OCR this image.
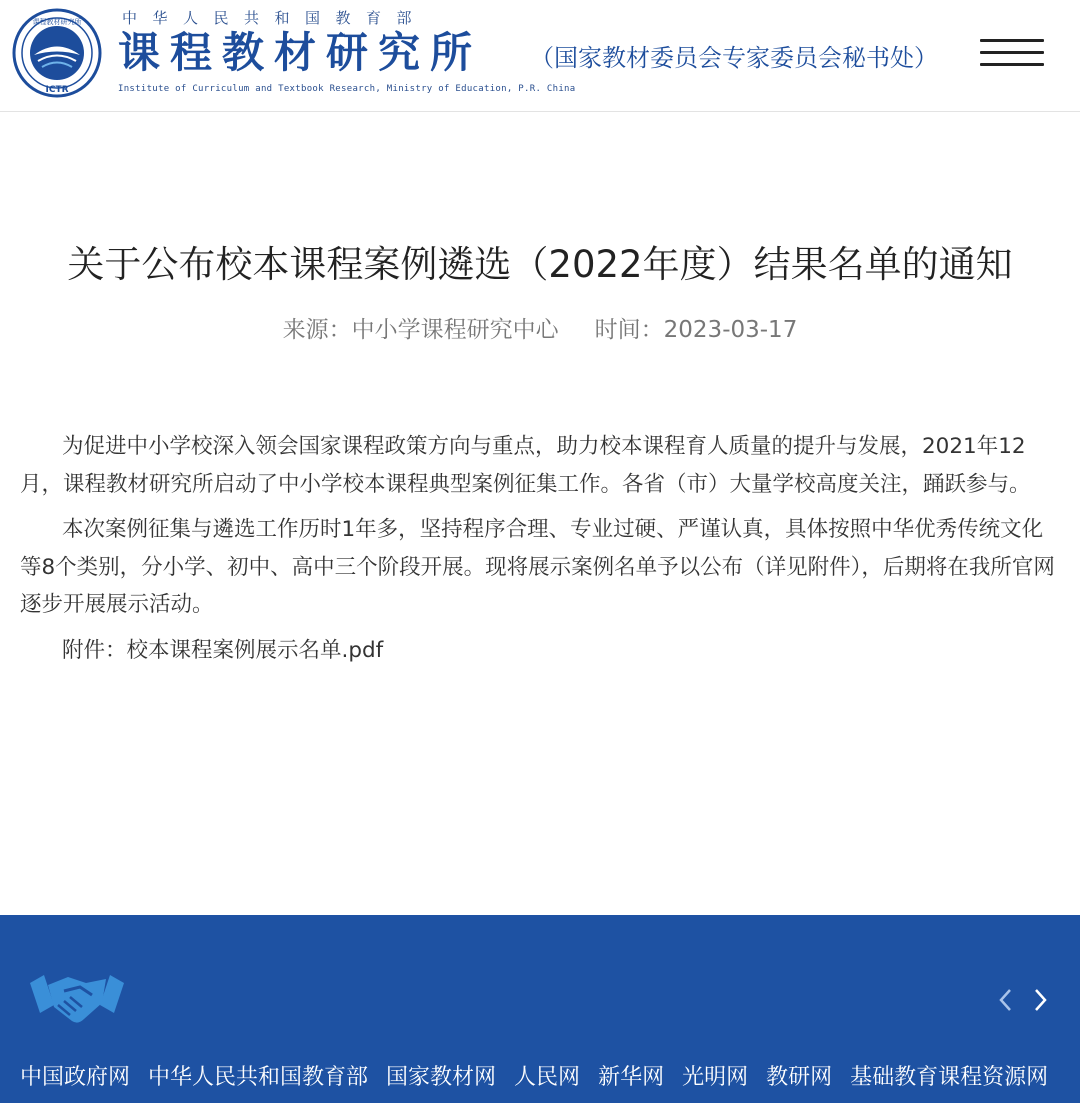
ICTR
课程教材研究所	中华人民共和国教育部
课程教材研究所
Institute of Curriculum and Textbook Research, Ministry of Education, P.R. China
（国家教材委员会专家委员会秘书处）
关于公布校本课程案例遴选（2022年度）结果名单的通知
来源：中小学课程研究中心 时间：2023-03-17

为促进中小学校深入领会国家课程政策方向与重点，助力校本课程育人质量的提升与发展，2021年12月，课程教材研究所启动了中小学校本课程典型案例征集工作。各省（市）大量学校高度关注，踊跃参与。

本次案例征集与遴选工作历时1年多，坚持程序合理、专业过硬、严谨认真，具体按照中华优秀传统文化等8个类别，分小学、初中、高中三个阶段开展。现将展示案例名单予以公布（详见附件），后期将在我所官网逐步开展展示活动。

附件：校本课程案例展示名单.pdf

中国政府网 中华人民共和国教育部 国家教材网 人民网 新华网 光明网 教研网 基础教育课程资源网
